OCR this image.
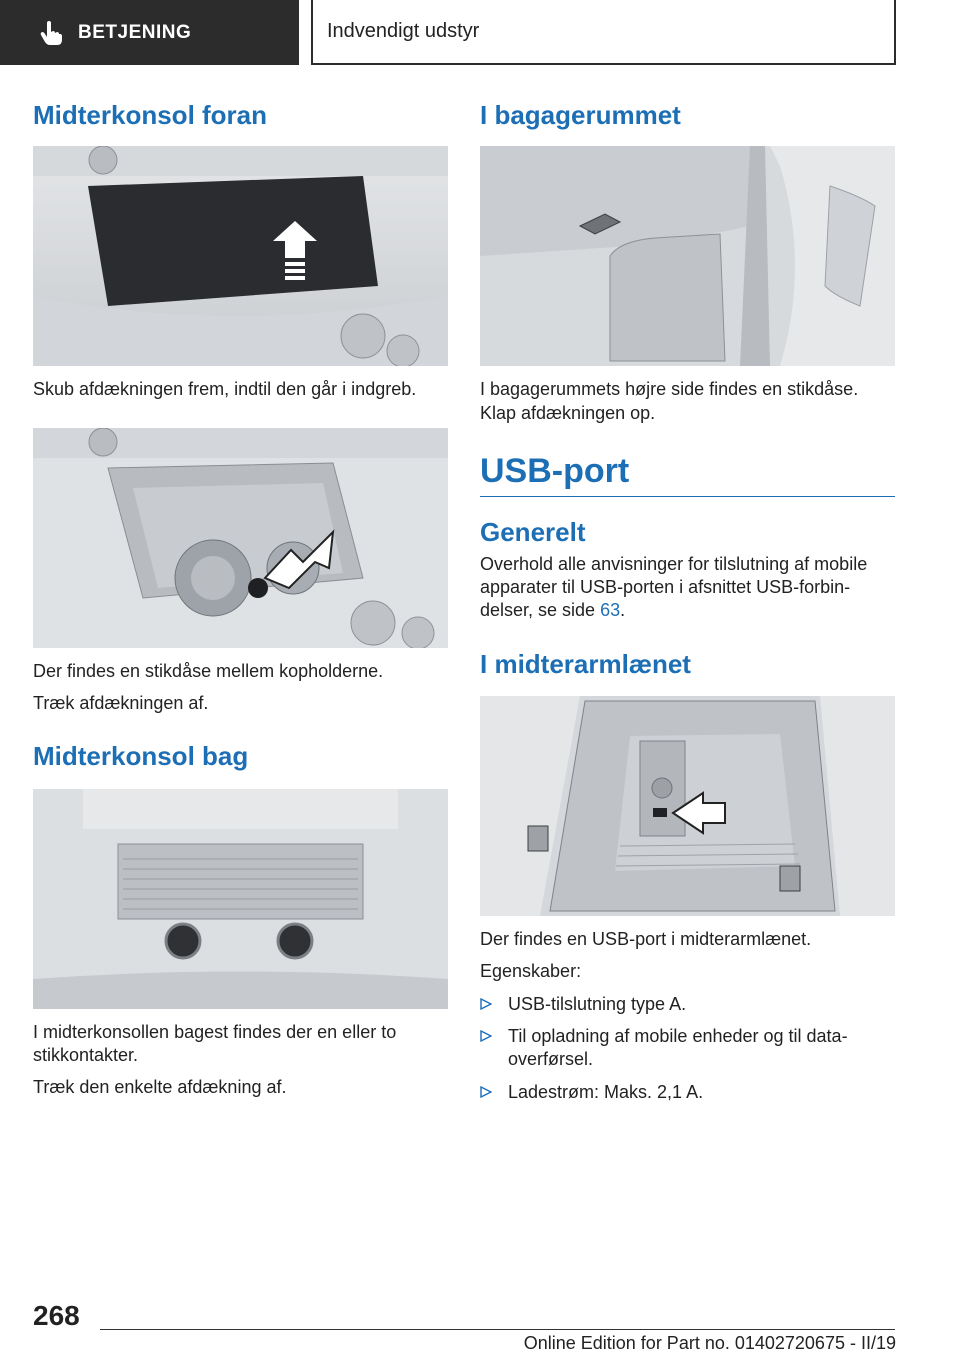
BETJENING	Indvendigt udstyr
Midterkonsol foran

Skub afdækningen frem, indtil den går i indgreb.

Der findes en stikdåse mellem kopholderne.

Træk afdækningen af.

Midterkonsol bag

I midterkonsollen bagest findes der en eller to stikkontakter.

Træk den enkelte afdækning af.

I bagagerummet

I bagagerummets højre side findes en stikdåse. Klap afdækningen op.

USB-port
Generelt

Overhold alle anvisninger for tilslutning af mobile apparater til USB-porten i afsnittet USB-forbindelser, se side 63.

I midterarmlænet

Der findes en USB-port i midterarmlænet.

Egenskaber:

USB-tilslutning type A.
Til opladning af mobile enheder og til dataoverførsel.
Ladestrøm: Maks. 2,1 A.
268
Online Edition for Part no. 01402720675 - II/19
